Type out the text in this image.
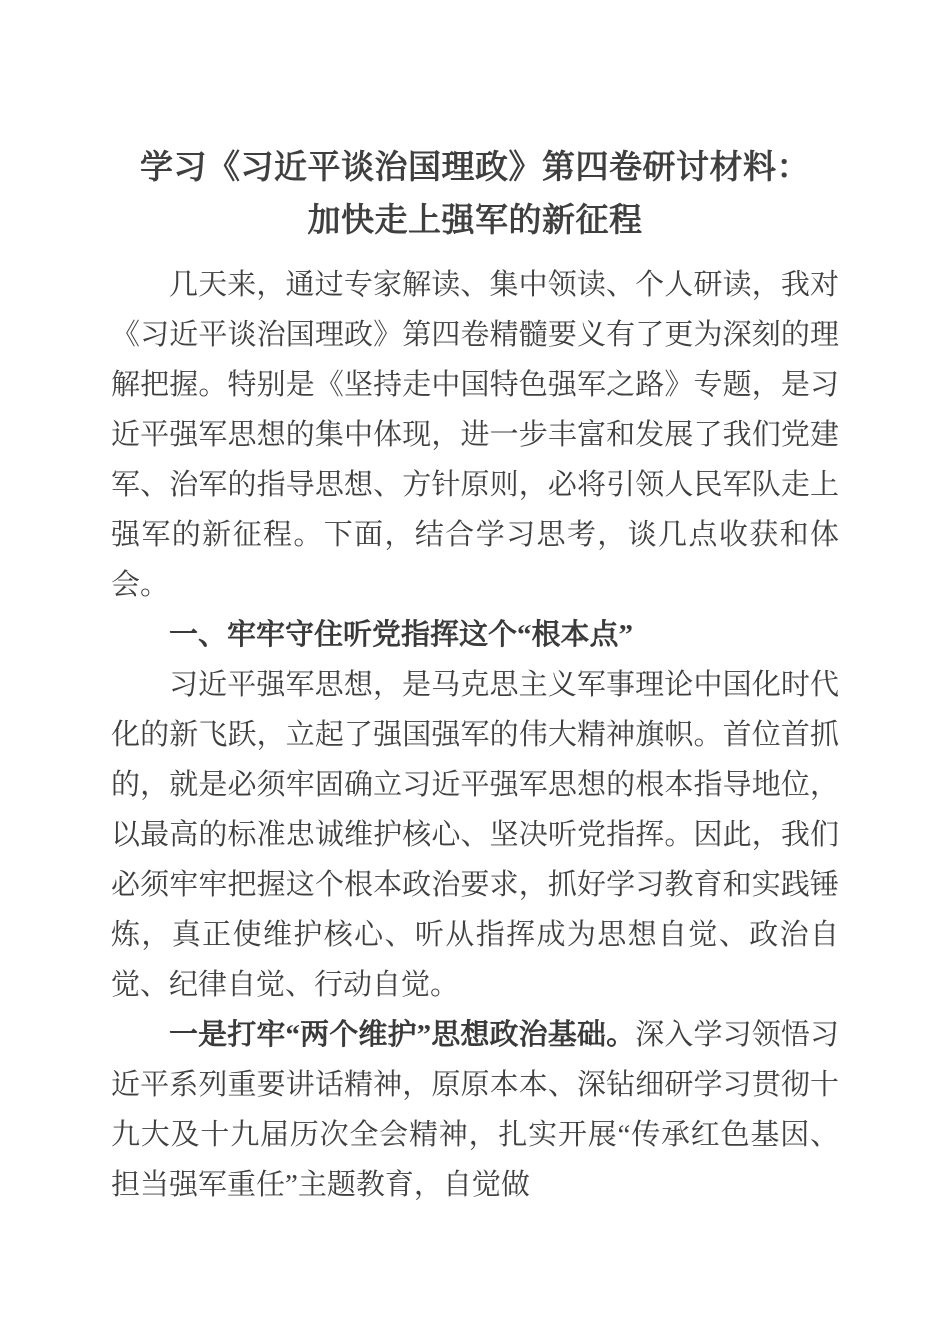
学习《习近平谈治国理政》第四卷研讨材料：
加快走上强军的新征程

几天来，通过专家解读、集中领读、个人研读，我对《习近平谈治国理政》第四卷精髓要义有了更为深刻的理解把握。特别是《坚持走中国特色强军之路》专题，是习近平强军思想的集中体现，进一步丰富和发展了我们党建军、治军的指导思想、方针原则，必将引领人民军队走上强军的新征程。下面，结合学习思考，谈几点收获和体会。

一、牢牢守住听党指挥这个“根本点”

习近平强军思想，是马克思主义军事理论中国化时代化的新飞跃，立起了强国强军的伟大精神旗帜。首位首抓的，就是必须牢固确立习近平强军思想的根本指导地位，以最高的标准忠诚维护核心、坚决听党指挥。因此，我们必须牢牢把握这个根本政治要求，抓好学习教育和实践锤炼，真正使维护核心、听从指挥成为思想自觉、政治自觉、纪律自觉、行动自觉。

一是打牢“两个维护”思想政治基础。深入学习领悟习近平系列重要讲话精神，原原本本、深钻细研学习贯彻十九大及十九届历次全会精神，扎实开展“传承红色基因、担当强军重任”主题教育，自觉做
